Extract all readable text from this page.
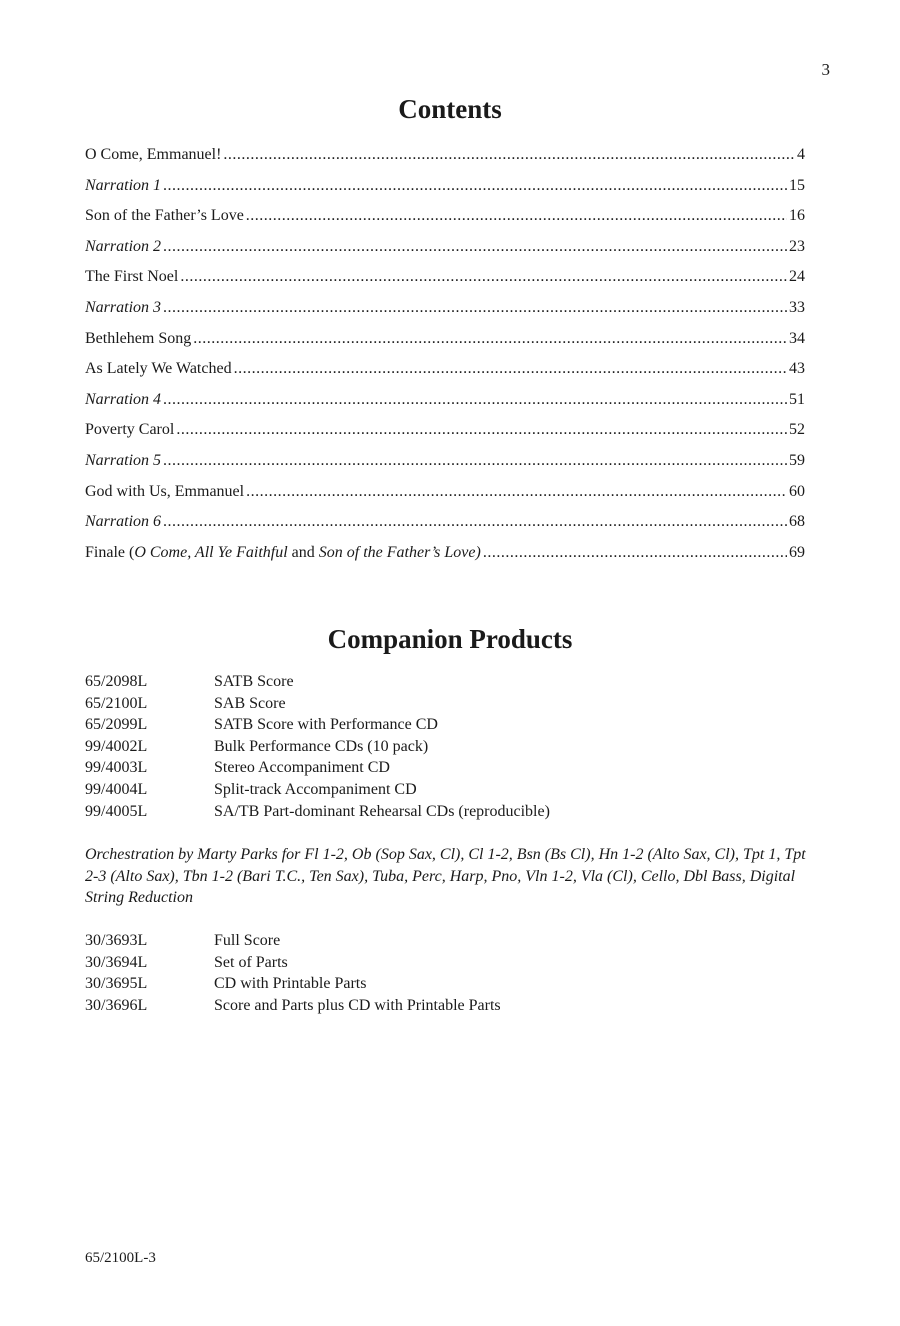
3
Contents
O Come, Emmanuel! .....	4
Narration 1 .....	15
Son of the Father’s Love .....	16
Narration 2 .....	23
The First Noel .....	24
Narration 3 .....	33
Bethlehem Song .....	34
As Lately We Watched .....	43
Narration 4 .....	51
Poverty Carol .....	52
Narration 5 .....	59
God with Us, Emmanuel .....	60
Narration 6 .....	68
Finale (O Come, All Ye Faithful and Son of the Father’s Love) .....	69
Companion Products
65/2098L	SATB Score
65/2100L	SAB Score
65/2099L	SATB Score with Performance CD
99/4002L	Bulk Performance CDs (10 pack)
99/4003L	Stereo Accompaniment CD
99/4004L	Split-track Accompaniment CD
99/4005L	SA/TB Part-dominant Rehearsal CDs (reproducible)

Orchestration by Marty Parks for Fl 1-2, Ob (Sop Sax, Cl), Cl 1-2, Bsn (Bs Cl), Hn 1-2 (Alto Sax, Cl), Tpt 1, Tpt 2-3 (Alto Sax), Tbn 1-2 (Bari T.C., Ten Sax), Tuba, Perc, Harp, Pno, Vln 1-2, Vla (Cl), Cello, Dbl Bass, Digital String Reduction

30/3693L	Full Score
30/3694L	Set of Parts
30/3695L	CD with Printable Parts
30/3696L	Score and Parts plus CD with Printable Parts
65/2100L-3
